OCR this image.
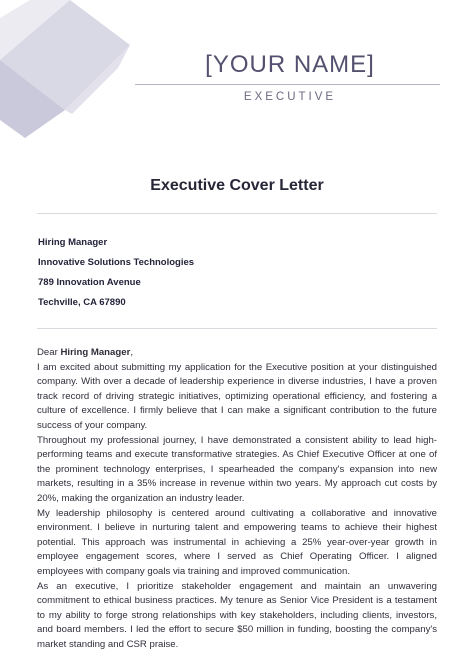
[YOUR NAME]
EXECUTIVE
Executive Cover Letter
Hiring Manager
Innovative Solutions Technologies
789 Innovation Avenue
Techville, CA 67890

Dear Hiring Manager,

I am excited about submitting my application for the Executive position at your distinguished company. With over a decade of leadership experience in diverse industries, I have a proven track record of driving strategic initiatives, optimizing operational efficiency, and fostering a culture of excellence. I firmly believe that I can make a significant contribution to the future success of your company.

Throughout my professional journey, I have demonstrated a consistent ability to lead high-performing teams and execute transformative strategies. As Chief Executive Officer at one of the prominent technology enterprises, I spearheaded the company's expansion into new markets, resulting in a 35% increase in revenue within two years. My approach cut costs by 20%, making the organization an industry leader.

My leadership philosophy is centered around cultivating a collaborative and innovative environment. I believe in nurturing talent and empowering teams to achieve their highest potential. This approach was instrumental in achieving a 25% year-over-year growth in employee engagement scores, where I served as Chief Operating Officer. I aligned employees with company goals via training and improved communication.

As an executive, I prioritize stakeholder engagement and maintain an unwavering commitment to ethical business practices. My tenure as Senior Vice President is a testament to my ability to forge strong relationships with key stakeholders, including clients, investors, and board members. I led the effort to secure $50 million in funding, boosting the company's market standing and CSR praise.
